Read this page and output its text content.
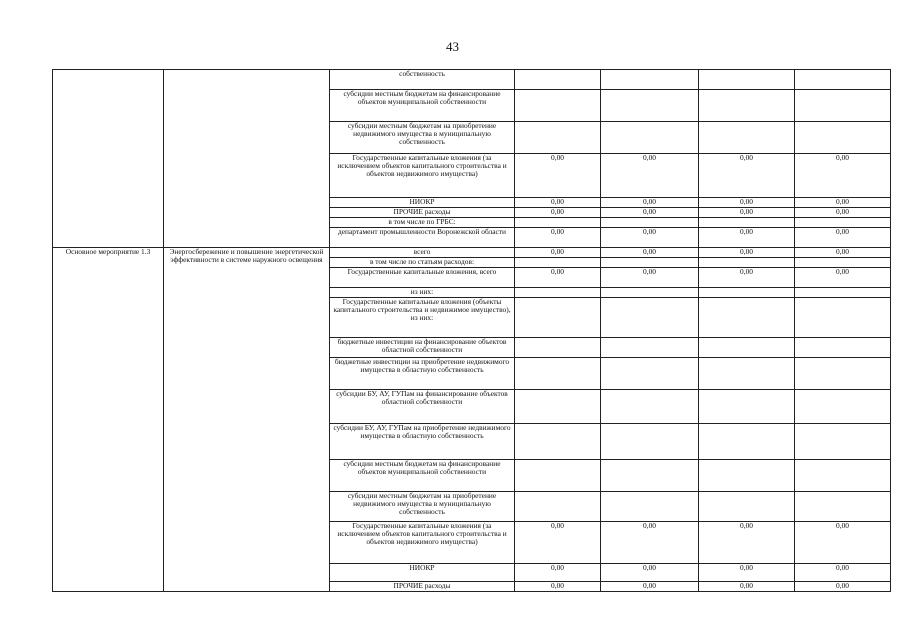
43
		собственность				
		субсидии местным бюджетам на финансирование объектов муниципальной собственности				
		субсидии местным бюджетам на приобретение недвижимого имущества в муниципальную собственность				
		Государственные капитальные вложения (за исключением объектов капитального строительства и объектов недвижимого имущества)	0,00	0,00	0,00	0,00
		НИОКР	0,00	0,00	0,00	0,00
		ПРОЧИЕ расходы	0,00	0,00	0,00	0,00
		в том числе по ГРБС:				
		департамент промышленности Воронежской области	0,00	0,00	0,00	0,00
Основное мероприятие 1.3	Энергосбережение и повышение энергетической эффективности в системе наружного освещения	всего	0,00	0,00	0,00	0,00
		в том числе по статьям расходов:				
		Государственные капитальные вложения, всего	0,00	0,00	0,00	0,00
		из них:				
		Государственные капитальные вложения (объекты капитального строительства и недвижимое имущество), из них:				
		бюджетные инвестиции на финансирование объектов областной собственности				
		бюджетные инвестиции на приобретение недвижимого имущества в областную собственность				
		субсидии БУ, АУ, ГУПам на финансирование объектов областной собственности				
		субсидии БУ, АУ, ГУПам на приобретение недвижимого имущества в областную собственность				
		субсидии местным бюджетам на финансирование объектов муниципальной собственности				
		субсидии местным бюджетам на приобретение недвижимого имущества в муниципальную собственность				
		Государственные капитальные вложения (за исключением объектов капитального строительства и объектов недвижимого имущества)	0,00	0,00	0,00	0,00
		НИОКР	0,00	0,00	0,00	0,00
		ПРОЧИЕ расходы	0,00	0,00	0,00	0,00
